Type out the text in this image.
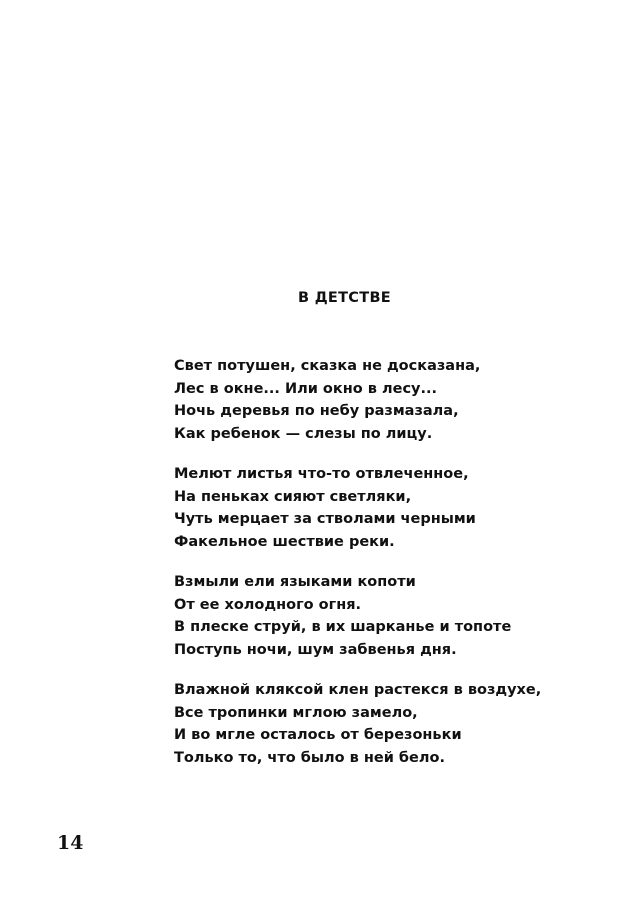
В ДЕТСТВЕ
Свет потушен, сказка не досказана,
Лес в окне... Или окно в лесу...
Ночь деревья по небу размазала,
Как ребенок — слезы по лицу.
Мелют листья что-то отвлеченное,
На пеньках сияют светляки,
Чуть мерцает за стволами черными
Факельное шествие реки.
Взмыли ели языками копоти
От ее холодного огня.
В плеске струй, в их шарканье и топоте
Поступь ночи, шум забвенья дня.
Влажной кляксой клен растекся в воздухе,
Все тропинки мглою замело,
И во мгле осталось от березоньки
Только то, что было в ней бело.
14
